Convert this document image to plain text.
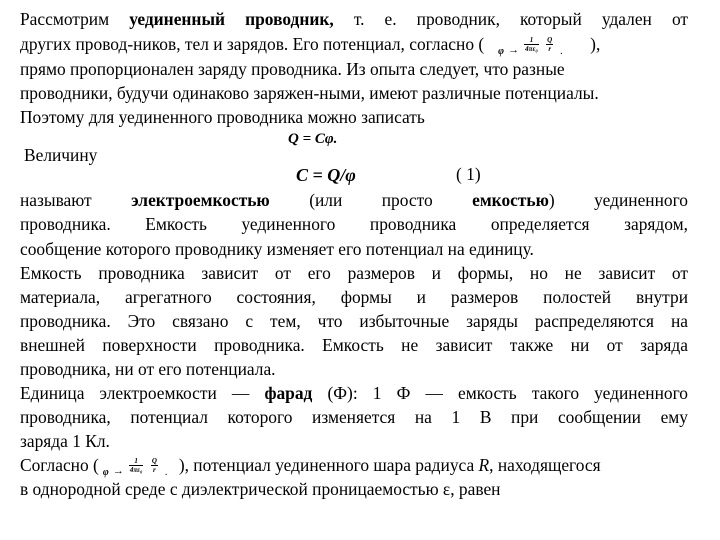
Рассмотрим уединенный проводник, т. е. проводник, который удален от
других провод-ников, тел и зарядов. Его потенциал, согласно ( $\varphi \to \frac{1}{\text{4πε₀}} \frac{Q}{r}$ . ),
прямо пропорционален заряду проводника. Из опыта следует, что разные
проводники, будучи одинаково заряжен-ными, имеют различные потенциалы.
Поэтому для уединенного проводника можно записать
Q = Cφ.
Величину
C = Q/φ	( 1)
называют электроемкостью (или просто емкостью) уединенного
проводника. Емкость уединенного проводника определяется зарядом,
сообщение которого проводнику изменяет его потенциал на единицу.
Емкость проводника зависит от его размеров и формы, но не зависит от
материала, агрегатного состояния, формы и размеров полостей внутри
проводника. Это связано с тем, что избыточные заряды распределяются на
внешней поверхности проводника. Емкость не зависит также ни от заряда
проводника, ни от его потенциала.
Единица электроемкости — фарад (Ф): 1 Ф — емкость такого уединенного
проводника, потенциал которого изменяется на 1 В при сообщении ему
заряда 1 Кл.
Согласно ( $\varphi \to \frac{1}{\text{4πε₀}} \frac{Q}{r}$ . ), потенциал уединенного шара радиуса R, находящегося
в однородной среде с диэлектрической проницаемостью ε, равен
